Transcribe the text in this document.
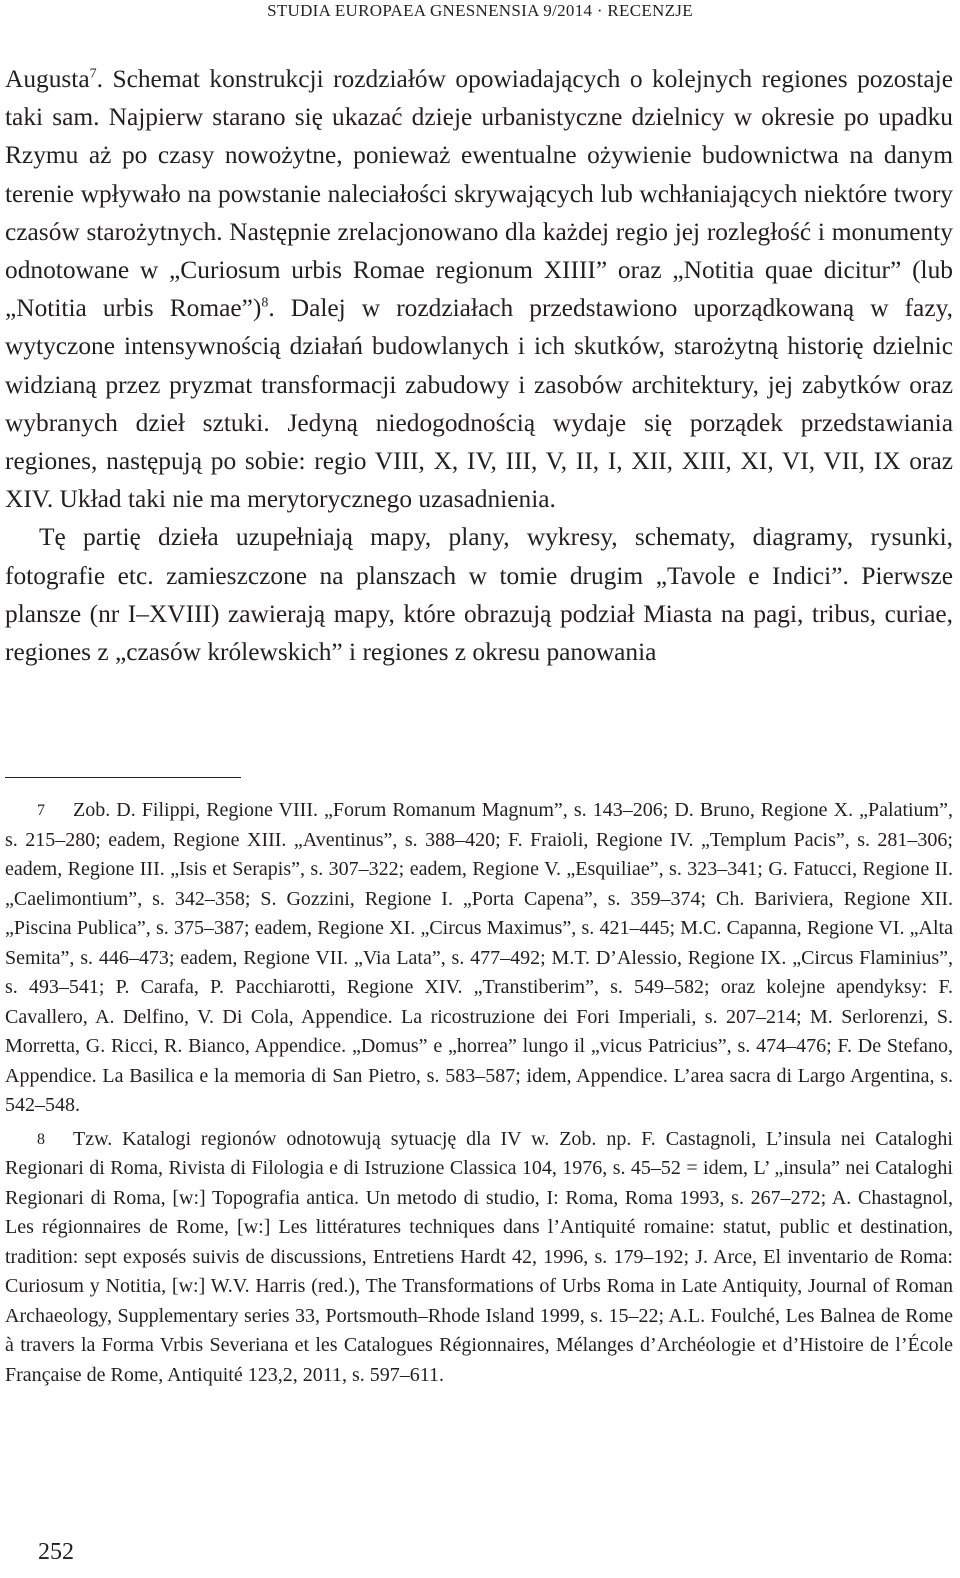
STUDIA EUROPAEA GNESNENSIA 9/2014 · RECENZJE

Augusta$^7$. Schemat konstrukcji rozdziałów opowiadających o kolejnych regiones pozostaje taki sam. Najpierw starano się ukazać dzieje urbanistyczne dzielnicy w okresie po upadku Rzymu aż po czasy nowożytne, ponieważ ewentualne ożywienie budownictwa na danym terenie wpływało na powstanie naleciałości skrywających lub wchłaniających niektóre twory czasów starożytnych. Następnie zrelacjonowano dla każdej regio jej rozległość i monumenty odnotowane w „Curiosum urbis Romae regionum XIIII” oraz „Notitia quae dicitur” (lub „Notitia urbis Romae”)$^8$. Dalej w rozdziałach przedstawiono uporządkowaną w fazy, wytyczone intensywnością działań budowlanych i ich skutków, starożytną historię dzielnic widzianą przez pryzmat transformacji zabudowy i zasobów architektury, jej zabytków oraz wybranych dzieł sztuki. Jedyną niedogodnością wydaje się porządek przedstawiania regiones, następują po sobie: regio VIII, X, IV, III, V, II, I, XII, XIII, XI, VI, VII, IX oraz XIV. Układ taki nie ma merytorycznego uzasadnienia.

Tę partię dzieła uzupełniają mapy, plany, wykresy, schematy, diagramy, rysunki, fotografie etc. zamieszczone na planszach w tomie drugim „Tavole e Indici”. Pierwsze plansze (nr I–XVIII) zawierają mapy, które obrazują podział Miasta na pagi, tribus, curiae, regiones z „czasów królewskich” i regiones z okresu panowania

7 Zob. D. Filippi, Regione VIII. „Forum Romanum Magnum”, s. 143–206; D. Bruno, Regione X. „Palatium”, s. 215–280; eadem, Regione XIII. „Aventinus”, s. 388–420; F. Fraioli, Regione IV. „Templum Pacis”, s. 281–306; eadem, Regione III. „Isis et Serapis”, s. 307–322; eadem, Regione V. „Esquiliae”, s. 323–341; G. Fatucci, Regione II. „Caelimontium”, s. 342–358; S. Gozzini, Regione I. „Porta Capena”, s. 359–374; Ch. Bariviera, Regione XII. „Piscina Publica”, s. 375–387; eadem, Regione XI. „Circus Maximus”, s. 421–445; M.C. Capanna, Regione VI. „Alta Semita”, s. 446–473; eadem, Regione VII. „Via Lata”, s. 477–492; M.T. D’Alessio, Regione IX. „Circus Flaminius”, s. 493–541; P. Carafa, P. Pacchiarotti, Regione XIV. „Transtiberim”, s. 549–582; oraz kolejne apendyksy: F. Cavallero, A. Delfino, V. Di Cola, Appendice. La ricostruzione dei Fori Imperiali, s. 207–214; M. Serlorenzi, S. Morretta, G. Ricci, R. Bianco, Appendice. „Domus” e „horrea” lungo il „vicus Patricius”, s. 474–476; F. De Stefano, Appendice. La Basilica e la memoria di San Pietro, s. 583–587; idem, Appendice. L’area sacra di Largo Argentina, s. 542–548.

8 Tzw. Katalogi regionów odnotowują sytuację dla IV w. Zob. np. F. Castagnoli, L’insula nei Cataloghi Regionari di Roma, Rivista di Filologia e di Istruzione Classica 104, 1976, s. 45–52 = idem, L’ „insula” nei Cataloghi Regionari di Roma, [w:] Topografia antica. Un metodo di studio, I: Roma, Roma 1993, s. 267–272; A. Chastagnol, Les régionnaires de Rome, [w:] Les littératures techniques dans l’Antiquité romaine: statut, public et destination, tradition: sept exposés suivis de discussions, Entretiens Hardt 42, 1996, s. 179–192; J. Arce, El inventario de Roma: Curiosum y Notitia, [w:] W.V. Harris (red.), The Transformations of Urbs Roma in Late Antiquity, Journal of Roman Archaeology, Supplementary series 33, Portsmouth–Rhode Island 1999, s. 15–22; A.L. Foulché, Les Balnea de Rome à travers la Forma Vrbis Severiana et les Catalogues Régionnaires, Mélanges d’Archéologie et d’Histoire de l’École Française de Rome, Antiquité 123,2, 2011, s. 597–611.

252
